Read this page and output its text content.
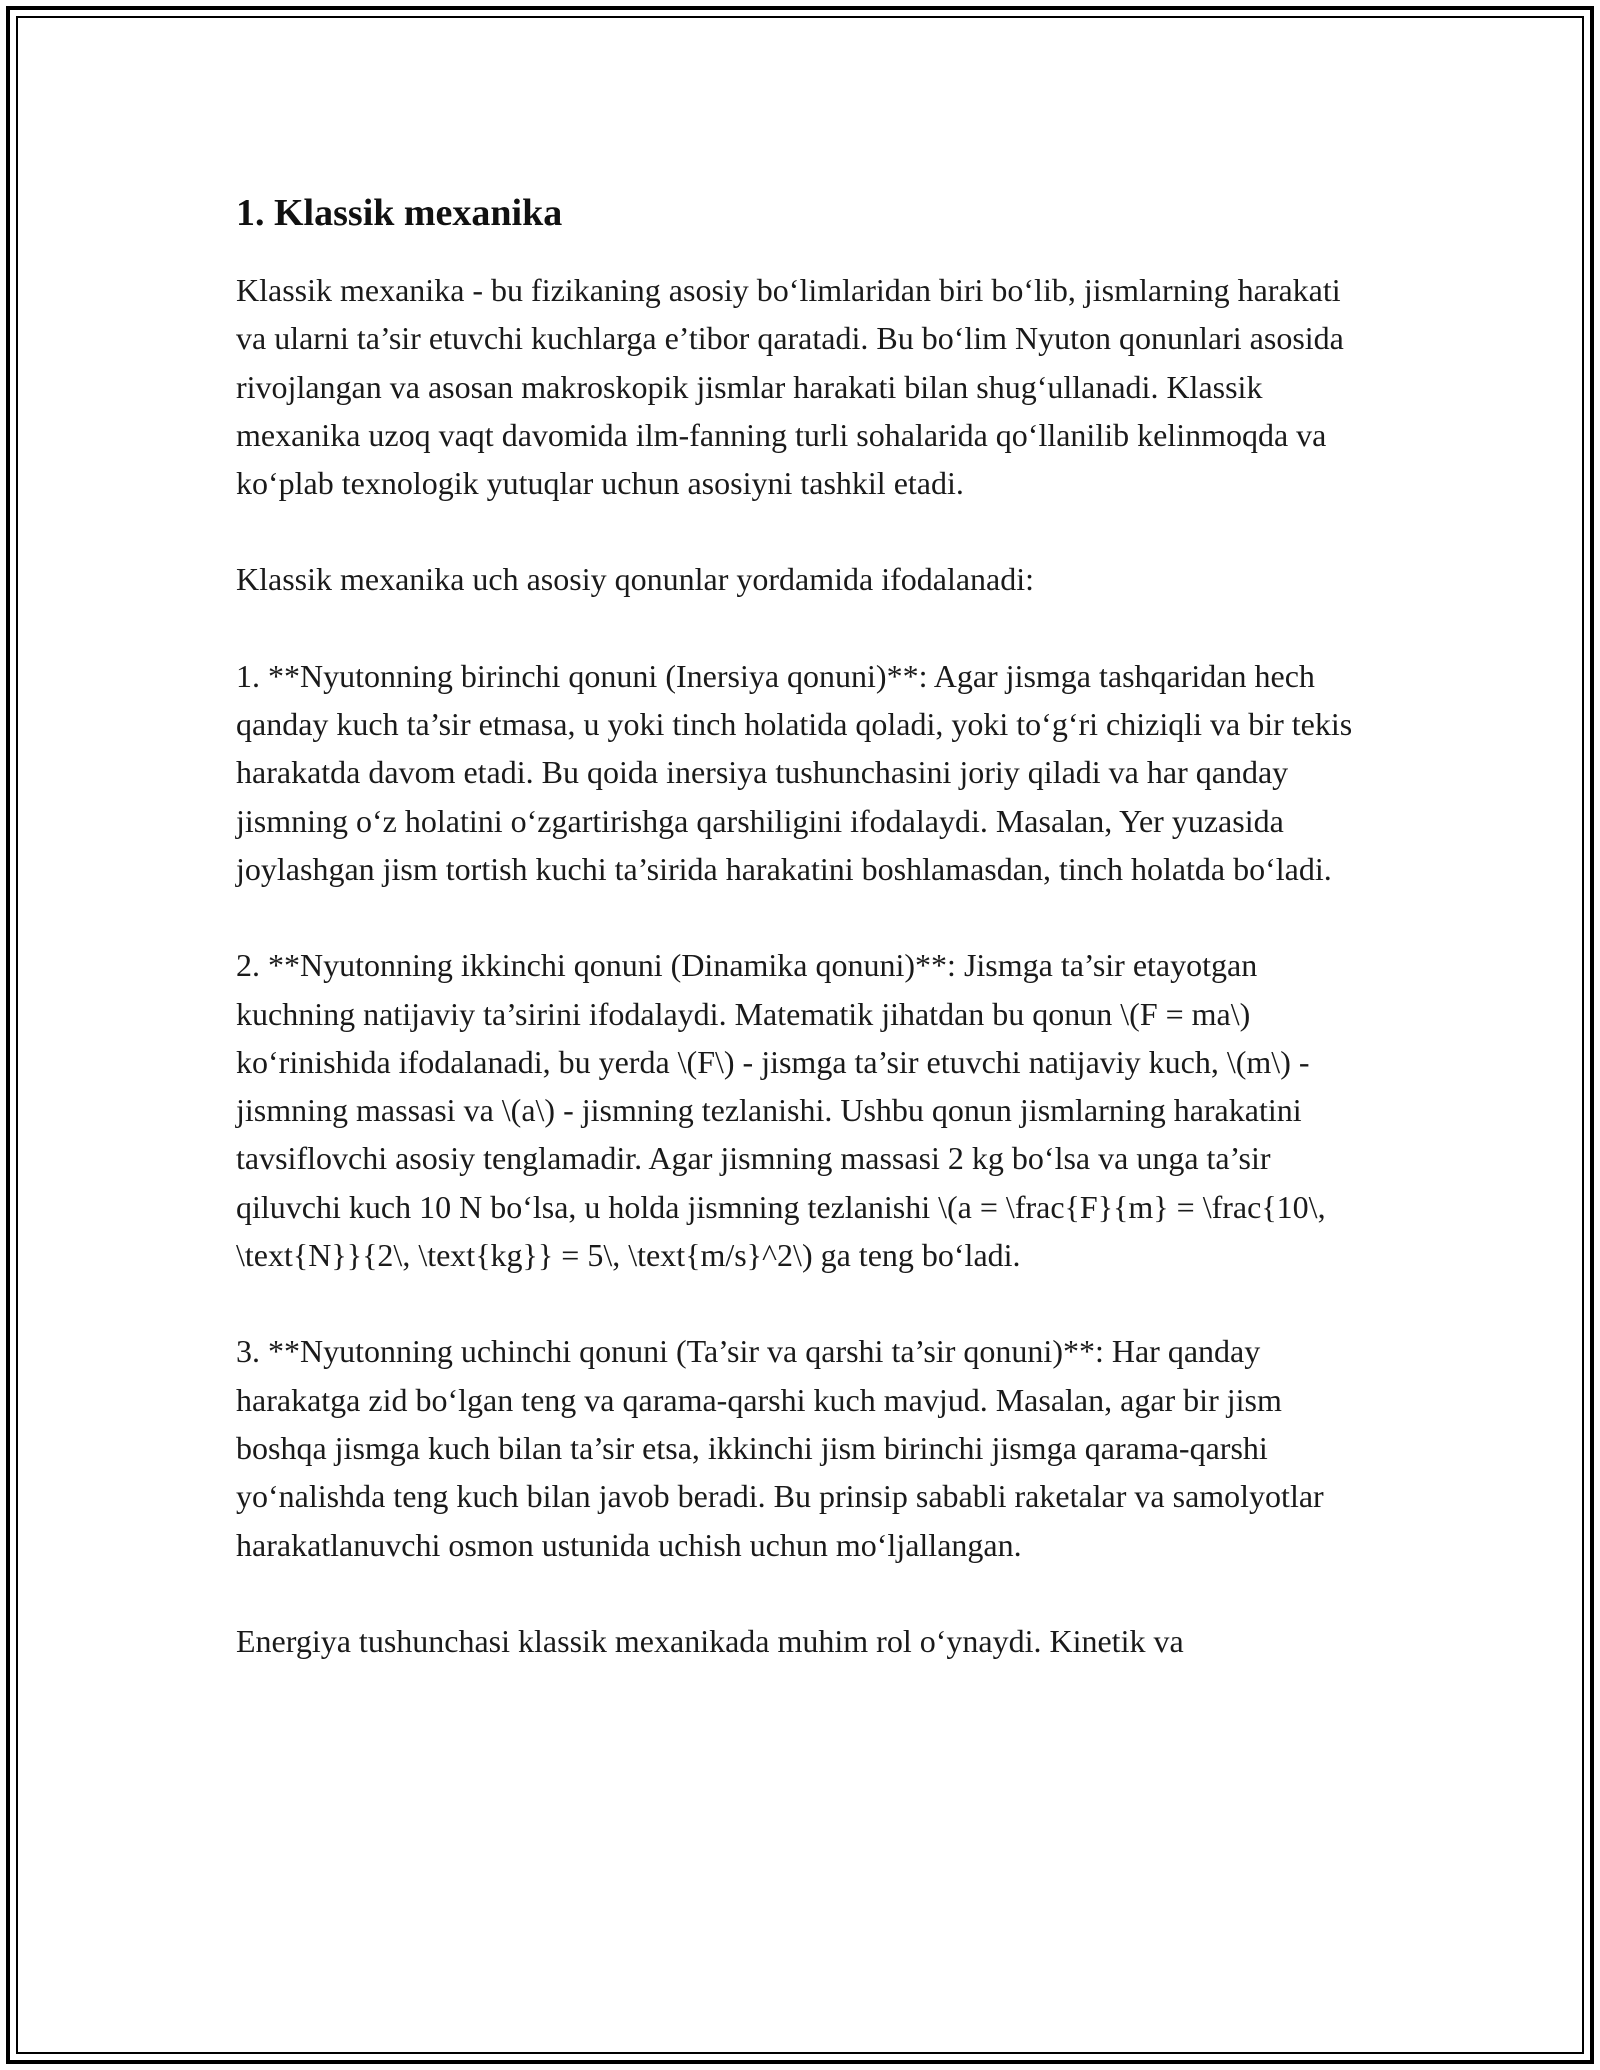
1. Klassik mexanika

Klassik mexanika - bu fizikaning asosiy bo‘limlaridan biri bo‘lib, jismlarning harakati va ularni ta’sir etuvchi kuchlarga e’tibor qaratadi. Bu bo‘lim Nyuton qonunlari asosida rivojlangan va asosan makroskopik jismlar harakati bilan shug‘ullanadi. Klassik mexanika uzoq vaqt davomida ilm-fanning turli sohalarida qo‘llanilib kelinmoqda va ko‘plab texnologik yutuqlar uchun asosiyni tashkil etadi.

Klassik mexanika uch asosiy qonunlar yordamida ifodalanadi:

1. **Nyutonning birinchi qonuni (Inersiya qonuni)**: Agar jismga tashqaridan hech qanday kuch ta’sir etmasa, u yoki tinch holatida qoladi, yoki to‘g‘ri chiziqli va bir tekis harakatda davom etadi. Bu qoida inersiya tushunchasini joriy qiladi va har qanday jismning o‘z holatini o‘zgartirishga qarshiligini ifodalaydi. Masalan, Yer yuzasida joylashgan jism tortish kuchi ta’sirida harakatini boshlamasdan, tinch holatda bo‘ladi.

2. **Nyutonning ikkinchi qonuni (Dinamika qonuni)**: Jismga ta’sir etayotgan kuchning natijaviy ta’sirini ifodalaydi. Matematik jihatdan bu qonun \(F = ma\) ko‘rinishida ifodalanadi, bu yerda \(F\) - jismga ta’sir etuvchi natijaviy kuch, \(m\) - jismning massasi va \(a\) - jismning tezlanishi. Ushbu qonun jismlarning harakatini tavsiflovchi asosiy tenglamadir. Agar jismning massasi 2 kg bo‘lsa va unga ta’sir qiluvchi kuch 10 N bo‘lsa, u holda jismning tezlanishi \(a = \frac{F}{m} = \frac{10\, \text{N}}{2\, \text{kg}} = 5\, \text{m/s}^2\) ga teng bo‘ladi.

3. **Nyutonning uchinchi qonuni (Ta’sir va qarshi ta’sir qonuni)**: Har qanday harakatga zid bo‘lgan teng va qarama-qarshi kuch mavjud. Masalan, agar bir jism boshqa jismga kuch bilan ta’sir etsa, ikkinchi jism birinchi jismga qarama-qarshi yo‘nalishda teng kuch bilan javob beradi. Bu prinsip sababli raketalar va samolyotlar harakatlanuvchi osmon ustunida uchish uchun mo‘ljallangan.

Energiya tushunchasi klassik mexanikada muhim rol o‘ynaydi. Kinetik va
